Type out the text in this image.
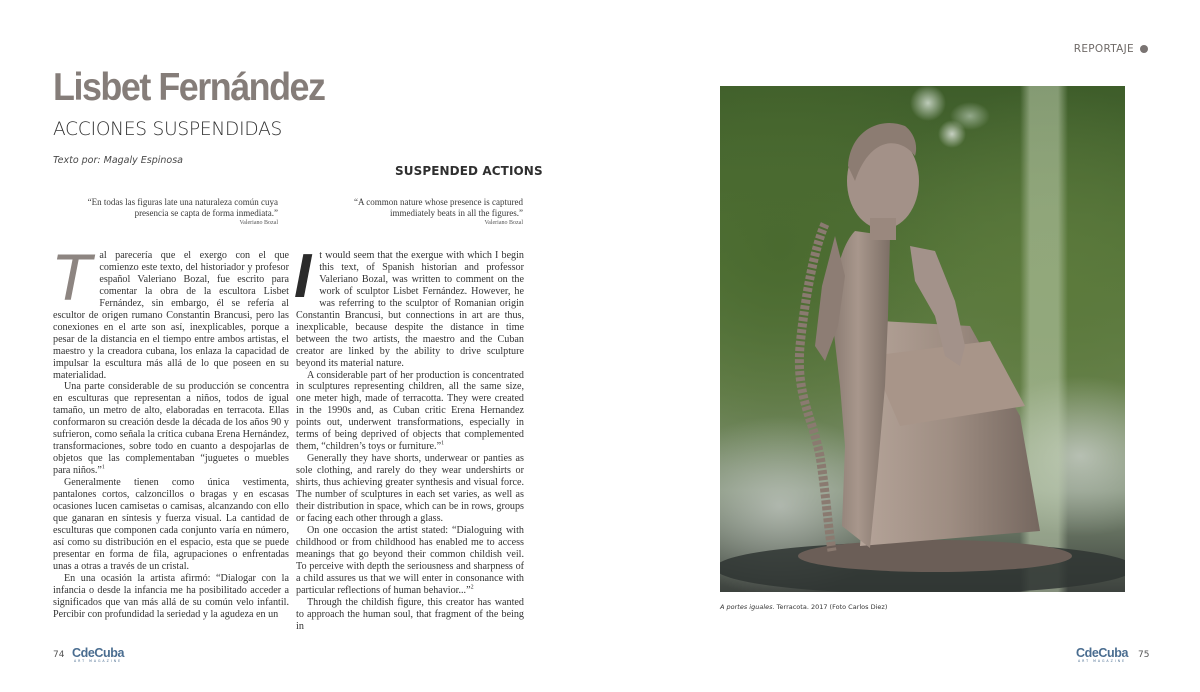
REPORTAJE
Lisbet Fernández
ACCIONES SUSPENDIDAS
Texto por: Magaly Espinosa
SUSPENDED ACTIONS
“En todas las figuras late una naturaleza común cuya
presencia se capta de forma inmediata.”
Valeriano Bozal
“A common nature whose presence is captured
immediately beats in all the figures.”
Valeriano Bozal
T al parecería que el exergo con el que comienzo este texto, del historiador y profesor español Valeriano Bozal, fue escrito para comentar la obra de la escultora Lisbet Fernández, sin embargo, él se refería al escultor de origen rumano Constantin Brancusi, pero las conexiones en el arte son así, inexplicables, porque a pesar de la distancia en el tiempo entre ambos artistas, el maestro y la creadora cubana, los enlaza la capacidad de impulsar la escultura más allá de lo que poseen en su materialidad.

Una parte considerable de su producción se concentra en esculturas que representan a niños, todos de igual tamaño, un metro de alto, elaboradas en terracota. Ellas conformaron su creación desde la década de los años 90 y sufrieron, como señala la crítica cubana Erena Hernández, transformaciones, sobre todo en cuanto a despojarlas de objetos que las complementaban “juguetes o muebles para niños.”$^1$

Generalmente tienen como única vestimenta, pantalones cortos, calzoncillos o bragas y en escasas ocasiones lucen camisetas o camisas, alcanzando con ello que ganaran en síntesis y fuerza visual. La cantidad de esculturas que componen cada conjunto varía en número, así como su distribución en el espacio, esta que se puede presentar en forma de fila, agrupaciones o enfrentadas unas a otras a través de un cristal.

En una ocasión la artista afirmó: “Dialogar con la infancia o desde la infancia me ha posibilitado acceder a significados que van más allá de su común velo infantil. Percibir con profundidad la seriedad y la agudeza en un

I t would seem that the exergue with which I begin this text, of Spanish historian and professor Valeriano Bozal, was written to comment on the work of sculptor Lisbet Fernández. However, he was referring to the sculptor of Romanian origin Constantin Brancusi, but connections in art are thus, inexplicable, because despite the distance in time between the two artists, the maestro and the Cuban creator are linked by the ability to drive sculpture beyond its material nature.

A considerable part of her production is concentrated in sculptures representing children, all the same size, one meter high, made of terracotta. They were created in the 1990s and, as Cuban critic Erena Hernandez points out, underwent transformations, especially in terms of being deprived of objects that complemented them, “children’s toys or furniture.”$^1$

Generally they have shorts, underwear or panties as sole clothing, and rarely do they wear undershirts or shirts, thus achieving greater synthesis and visual force. The number of sculptures in each set varies, as well as their distribution in space, which can be in rows, groups or facing each other through a glass.

On one occasion the artist stated: “Dialoguing with childhood or from childhood has enabled me to access meanings that go beyond their common childish veil. To perceive with depth the seriousness and sharpness of a child assures us that we will enter in consonance with particular reflections of human behavior...”$^2$

Through the childish figure, this creator has wanted to approach the human soul, that fragment of the being in

A portes iguales. Terracota. 2017 (Foto Carlos Diez)
74 CdeCuba
ART MAGAZINE
CdeCuba
ART MAGAZINE
75
